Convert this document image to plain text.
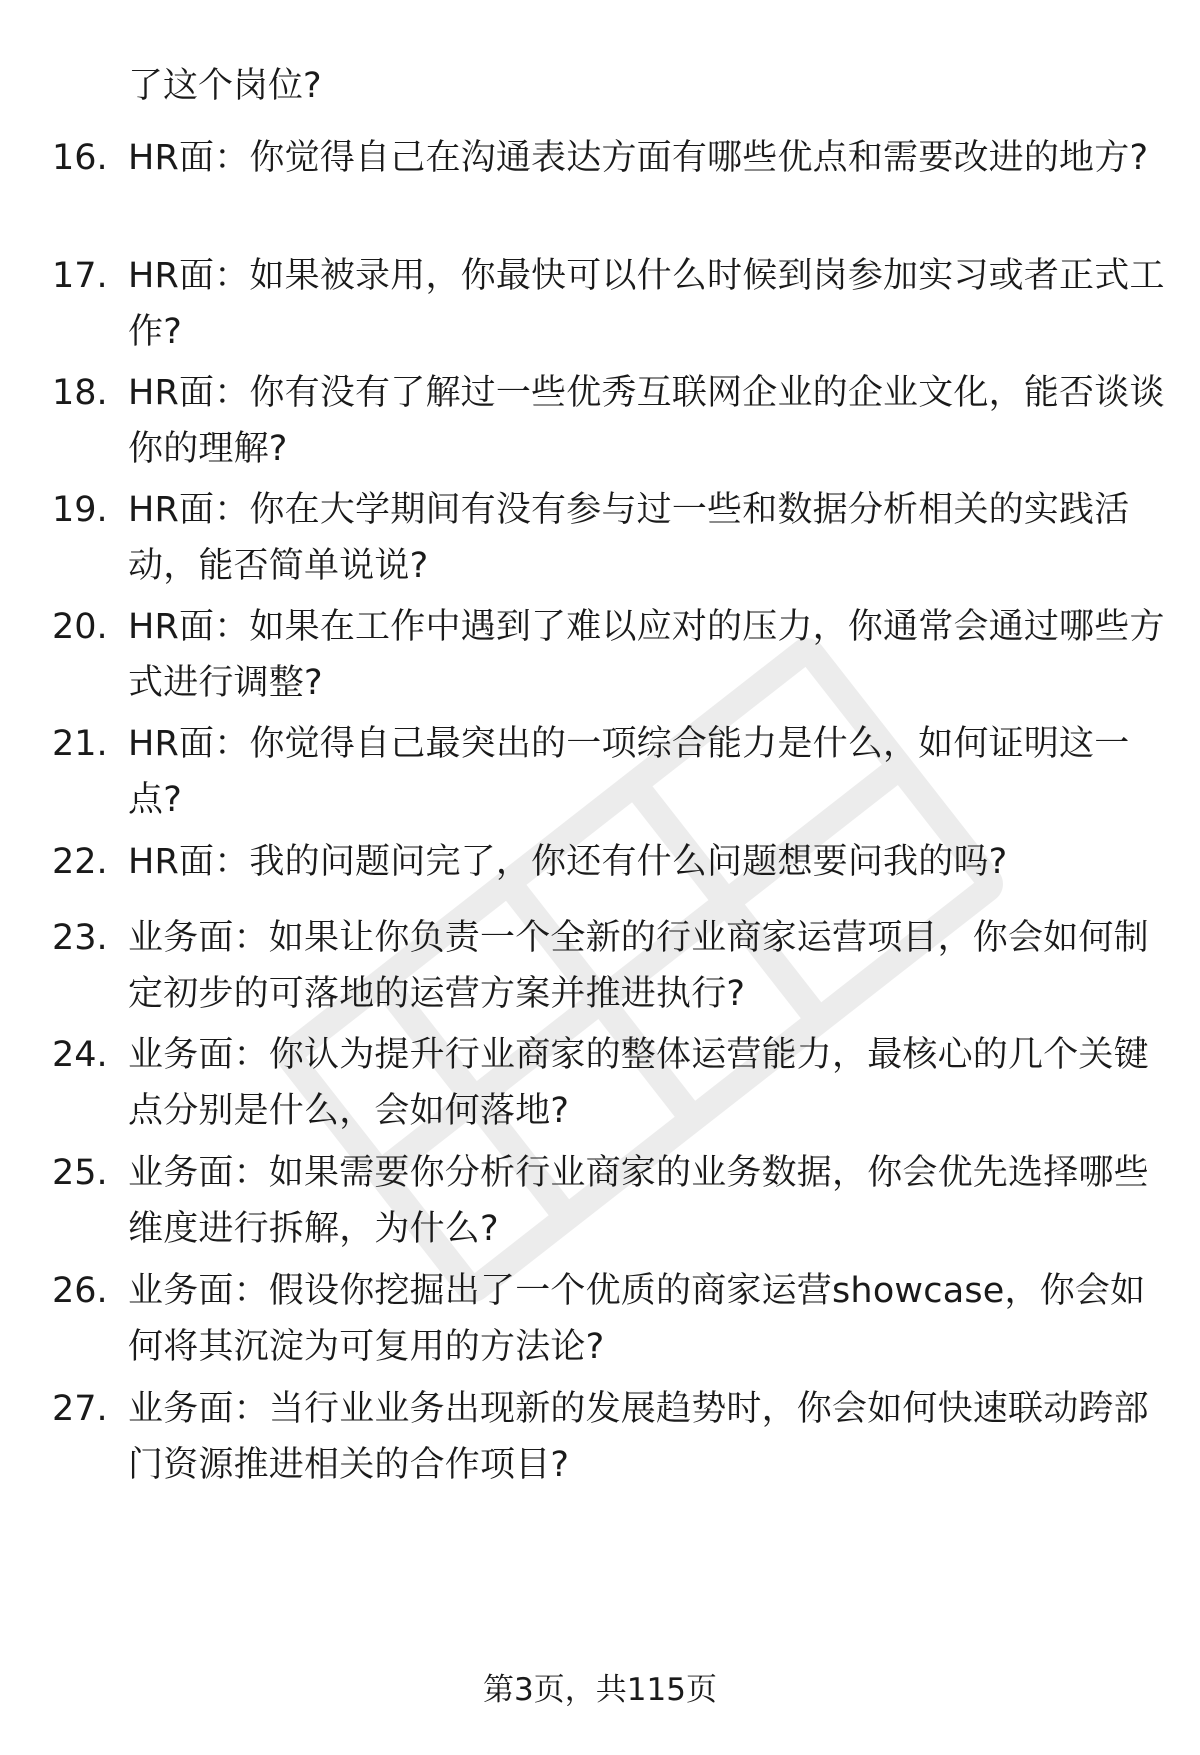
了这个岗位?

16. HR面：你觉得自己在沟通表达方面有哪些优点和需要改进的地方?
17. HR面：如果被录用，你最快可以什么时候到岗参加实习或者正式工作?
18. HR面：你有没有了解过一些优秀互联网企业的企业文化，能否谈谈你的理解?
19. HR面：你在大学期间有没有参与过一些和数据分析相关的实践活动，能否简单说说?
20. HR面：如果在工作中遇到了难以应对的压力，你通常会通过哪些方式进行调整?
21. HR面：你觉得自己最突出的一项综合能力是什么，如何证明这一点?
22. HR面：我的问题问完了，你还有什么问题想要问我的吗?
23. 业务面：如果让你负责一个全新的行业商家运营项目，你会如何制定初步的可落地的运营方案并推进执行?
24. 业务面：你认为提升行业商家的整体运营能力，最核心的几个关键点分别是什么，会如何落地?
25. 业务面：如果需要你分析行业商家的业务数据，你会优先选择哪些维度进行拆解，为什么?
26. 业务面：假设你挖掘出了一个优质的商家运营showcase，你会如何将其沉淀为可复用的方法论?
27. 业务面：当行业业务出现新的发展趋势时，你会如何快速联动跨部门资源推进相关的合作项目?
第3页，共115页
